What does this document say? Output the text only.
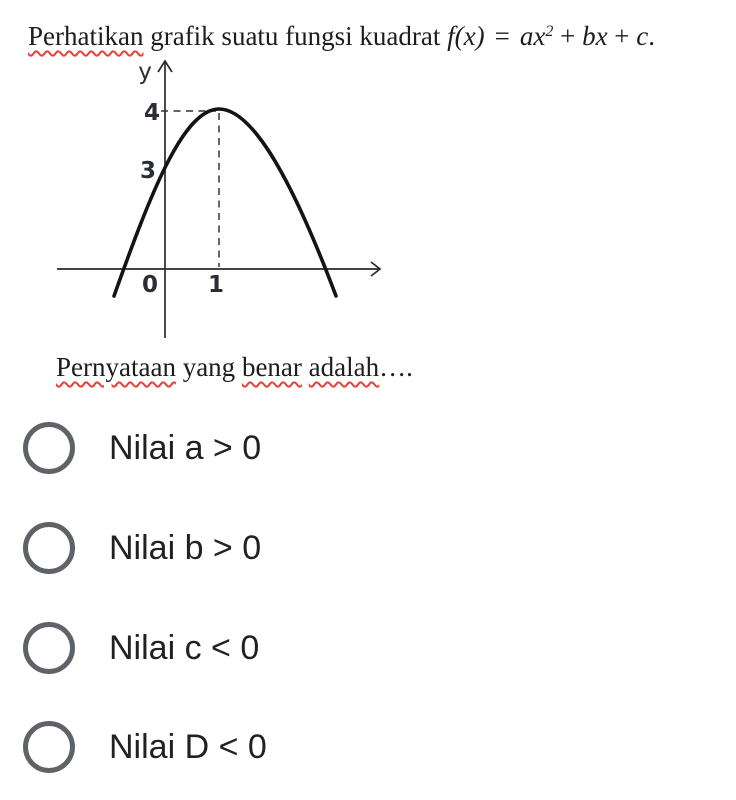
Perhatikan grafik suatu fungsi kuadrat $f(x) = ax^2$ + bx + c.
y
4
3
0 1
Pernyataan yang benar adalah….
Nilai a > 0
Nilai b > 0
Nilai c < 0
Nilai D < 0
